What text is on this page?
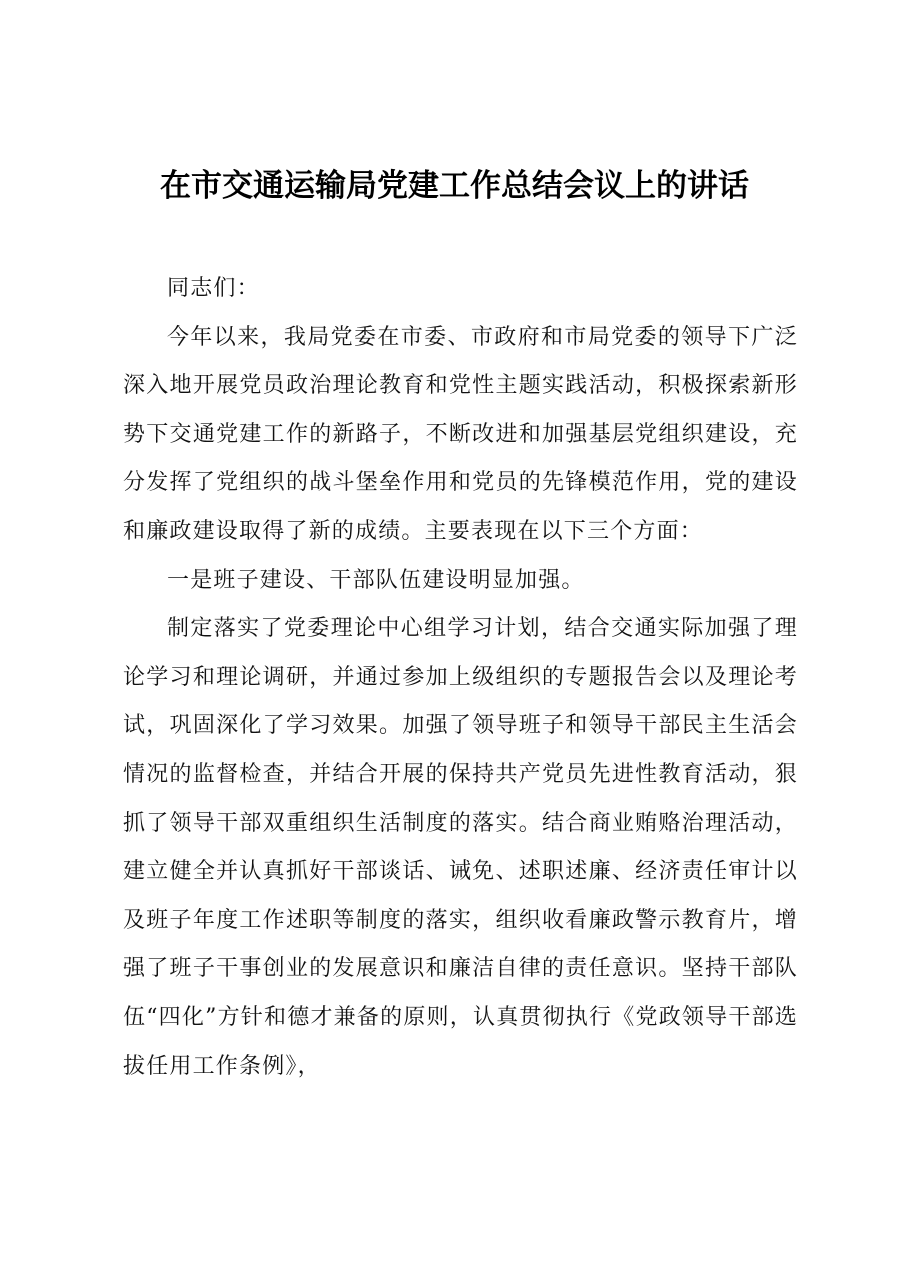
在市交通运输局党建工作总结会议上的讲话

同志们：

今年以来，我局党委在市委、市政府和市局党委的领导下广泛深入地开展党员政治理论教育和党性主题实践活动，积极探索新形势下交通党建工作的新路子，不断改进和加强基层党组织建设，充分发挥了党组织的战斗堡垒作用和党员的先锋模范作用，党的建设和廉政建设取得了新的成绩。主要表现在以下三个方面：

一是班子建设、干部队伍建设明显加强。

制定落实了党委理论中心组学习计划，结合交通实际加强了理论学习和理论调研，并通过参加上级组织的专题报告会以及理论考试，巩固深化了学习效果。加强了领导班子和领导干部民主生活会情况的监督检查，并结合开展的保持共产党员先进性教育活动，狠抓了领导干部双重组织生活制度的落实。结合商业贿赂治理活动，建立健全并认真抓好干部谈话、诫免、述职述廉、经济责任审计以及班子年度工作述职等制度的落实，组织收看廉政警示教育片，增强了班子干事创业的发展意识和廉洁自律的责任意识。坚持干部队伍“四化”方针和德才兼备的原则，认真贯彻执行《党政领导干部选拔任用工作条例》，
